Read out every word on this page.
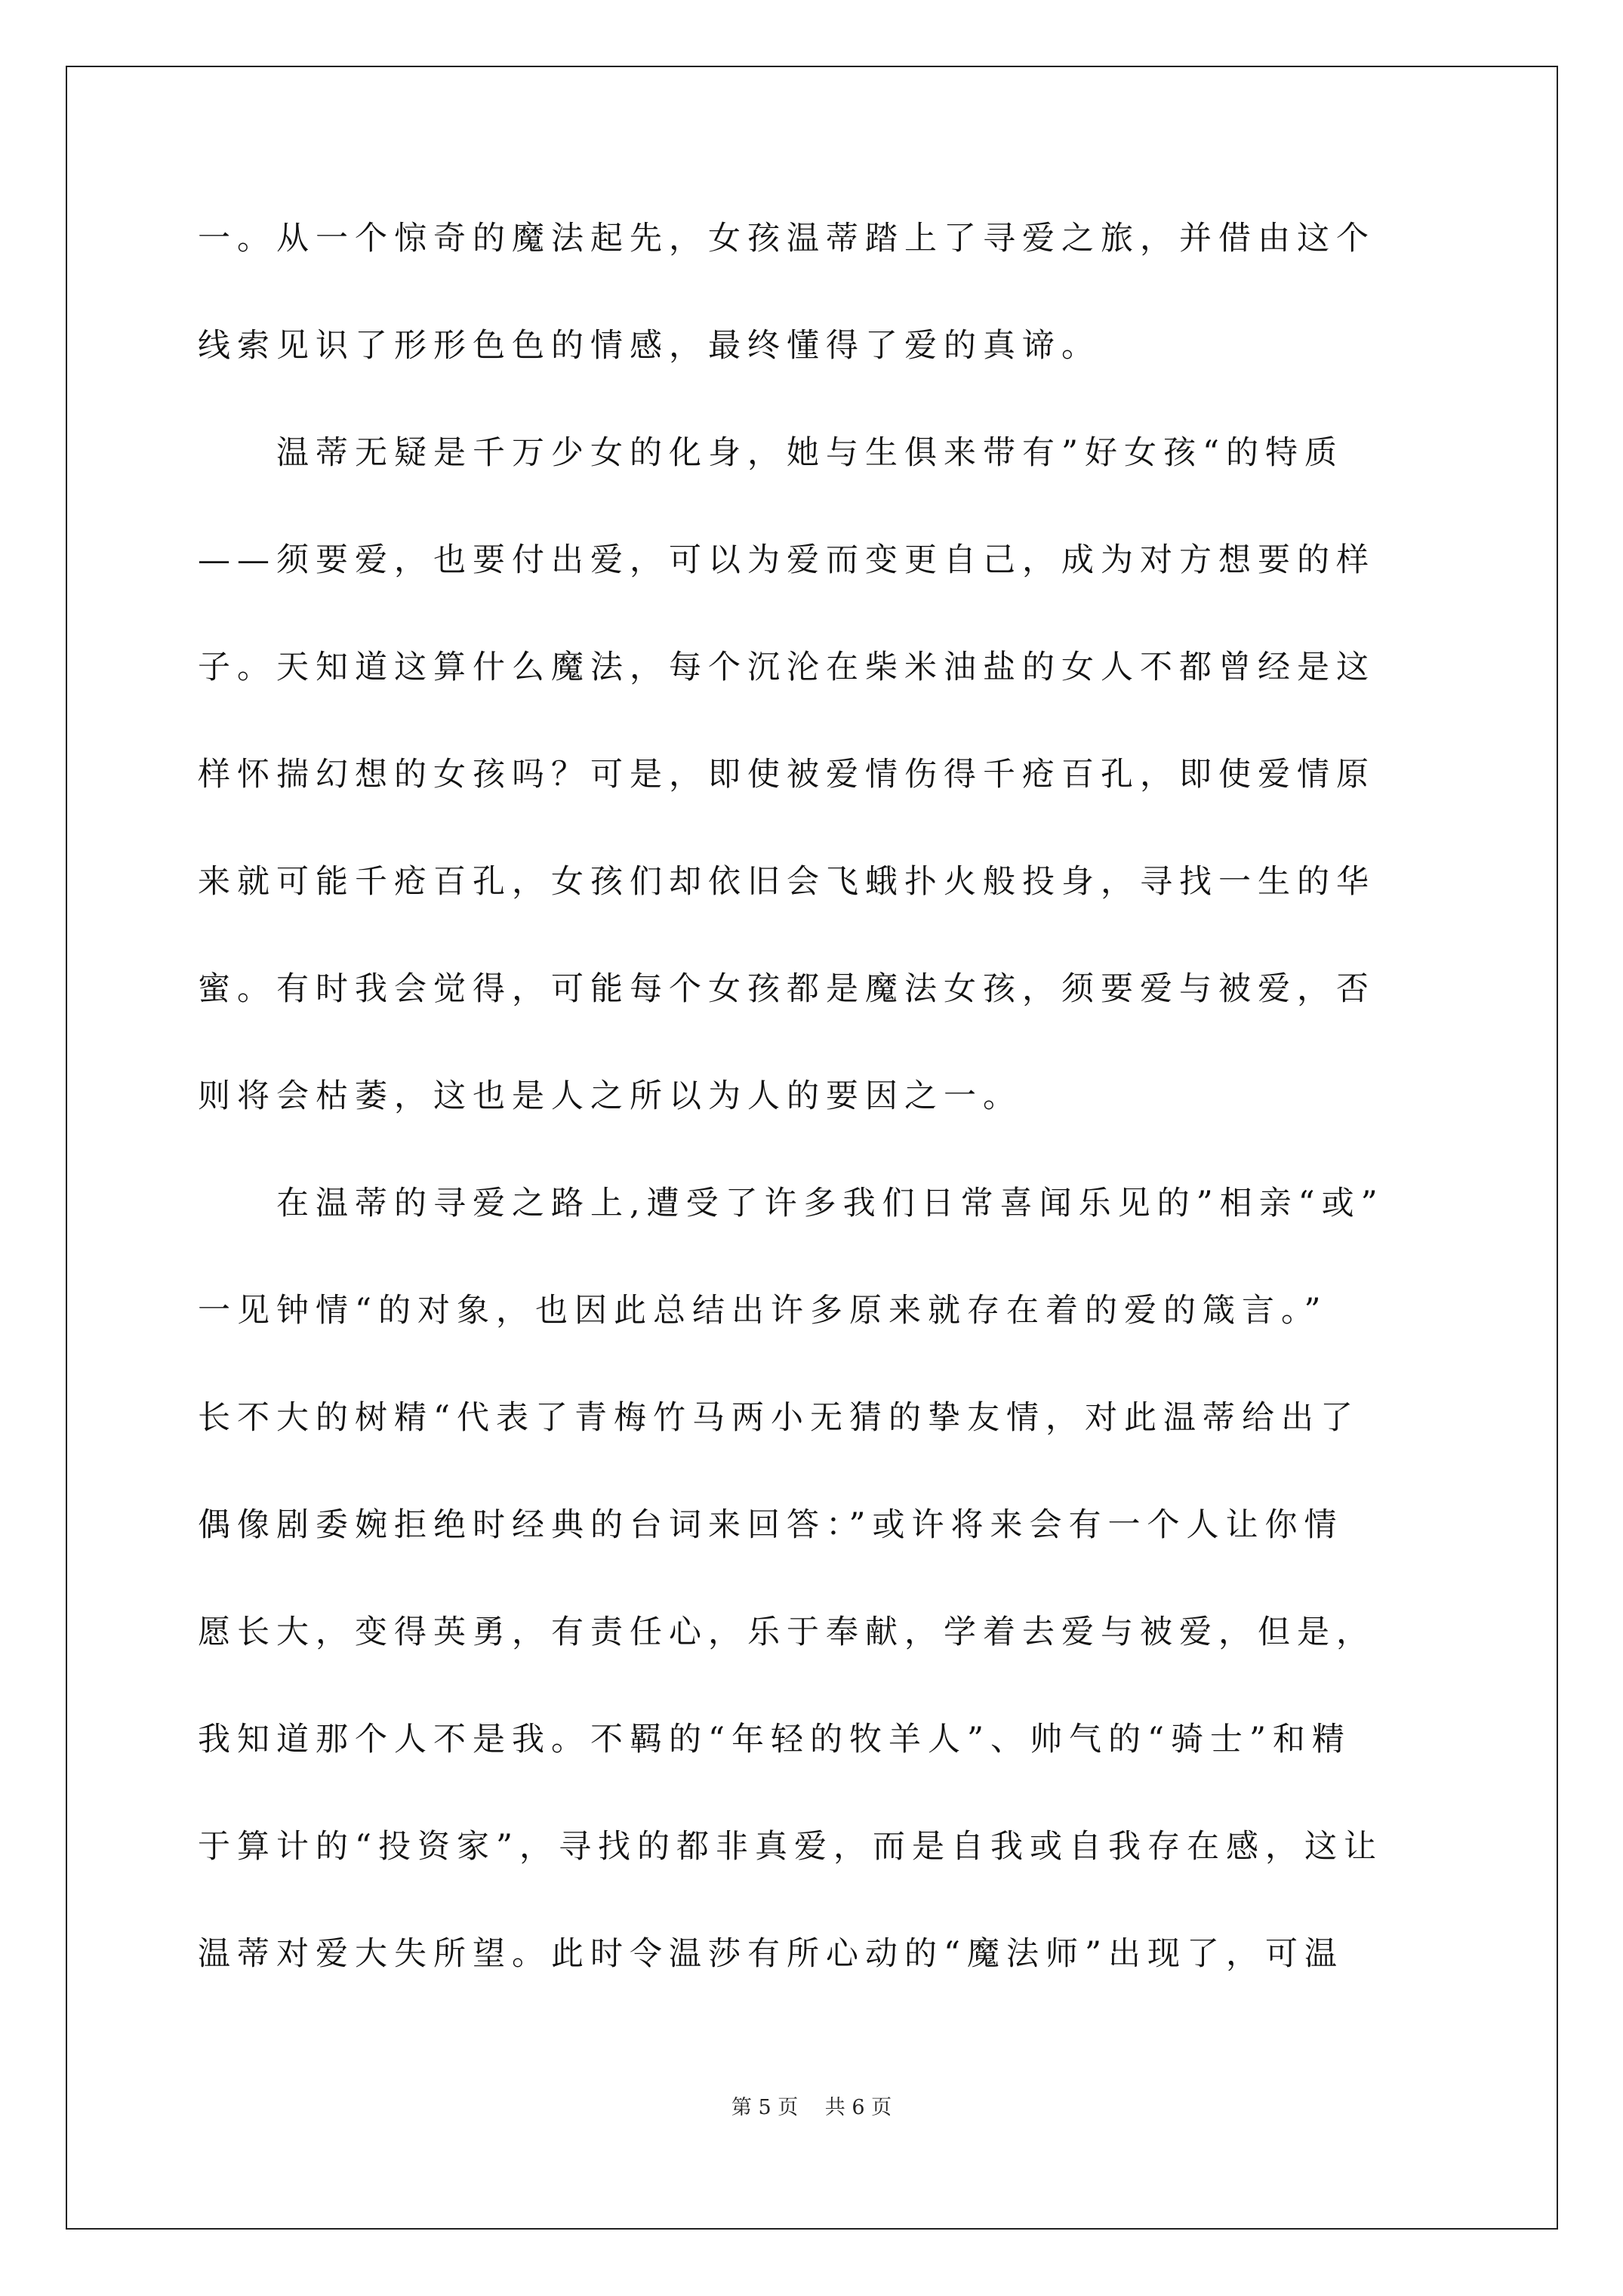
一。从一个惊奇的魔法起先，女孩温蒂踏上了寻爱之旅，并借由这个
线索见识了形形色色的情感，最终懂得了爱的真谛。
　　温蒂无疑是千万少女的化身，她与生俱来带有”好女孩“的特质
——须要爱，也要付出爱，可以为爱而变更自己，成为对方想要的样
子。天知道这算什么魔法，每个沉沦在柴米油盐的女人不都曾经是这
样怀揣幻想的女孩吗？可是，即使被爱情伤得千疮百孔，即使爱情原
来就可能千疮百孔，女孩们却依旧会飞蛾扑火般投身，寻找一生的华
蜜。有时我会觉得，可能每个女孩都是魔法女孩，须要爱与被爱，否
则将会枯萎，这也是人之所以为人的要因之一。
　　在温蒂的寻爱之路上,遭受了许多我们日常喜闻乐见的”相亲“或”
一见钟情“的对象，也因此总结出许多原来就存在着的爱的箴言。”
长不大的树精“代表了青梅竹马两小无猜的挚友情，对此温蒂给出了
偶像剧委婉拒绝时经典的台词来回答：”或许将来会有一个人让你情
愿长大，变得英勇，有责任心，乐于奉献，学着去爱与被爱，但是，
我知道那个人不是我。不羁的“年轻的牧羊人”、帅气的“骑士”和精
于算计的“投资家”，寻找的都非真爱，而是自我或自我存在感，这让
温蒂对爱大失所望。此时令温莎有所心动的“魔法师”出现了，可温
第 5 页　 共 6 页
